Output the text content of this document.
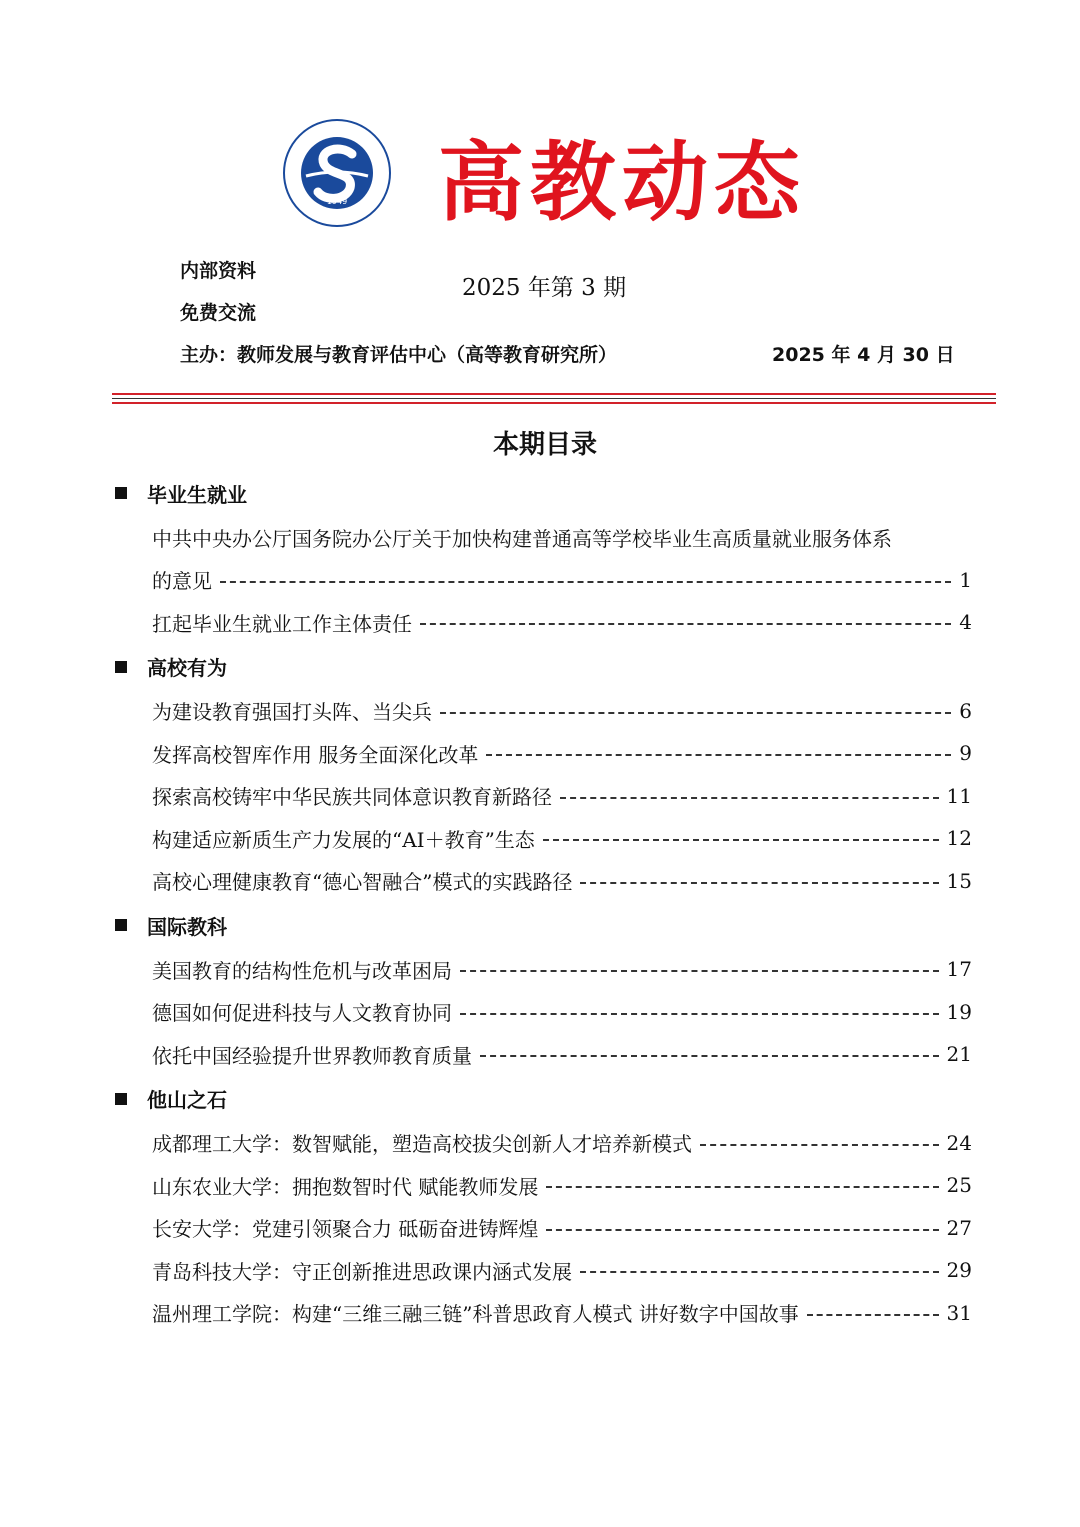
1949 高教动态
内部资料
免费交流
2025 年第 3 期
主办：教师发展与教育评估中心（高等教育研究所）	2025 年 4 月 30 日
本期目录
毕业生就业
中共中央办公厅国务院办公厅关于加快构建普通高等学校毕业生高质量就业服务体系
的意见	1
扛起毕业生就业工作主体责任	4
高校有为
为建设教育强国打头阵、当尖兵	6
发挥高校智库作用 服务全面深化改革	9
探索高校铸牢中华民族共同体意识教育新路径	11
构建适应新质生产力发展的“AI＋教育”生态	12
高校心理健康教育“德心智融合”模式的实践路径	15
国际教科
美国教育的结构性危机与改革困局	17
德国如何促进科技与人文教育协同	19
依托中国经验提升世界教师教育质量	21
他山之石
成都理工大学：数智赋能，塑造高校拔尖创新人才培养新模式	24
山东农业大学：拥抱数智时代 赋能教师发展	25
长安大学：党建引领聚合力 砥砺奋进铸辉煌	27
青岛科技大学：守正创新推进思政课内涵式发展	29
温州理工学院：构建“三维三融三链”科普思政育人模式 讲好数字中国故事	31
